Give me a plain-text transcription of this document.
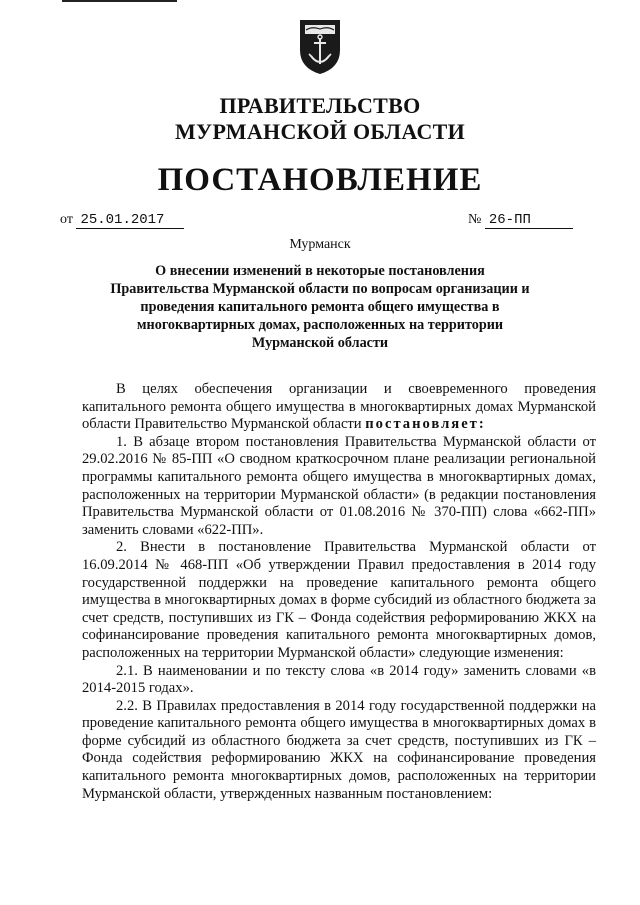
ПРАВИТЕЛЬСТВО
МУРМАНСКОЙ ОБЛАСТИ
ПОСТАНОВЛЕНИЕ
от 25.01.2017	№ 26-ПП
Мурманск
О внесении изменений в некоторые постановления
Правительства Мурманской области по вопросам организации и
проведения капитального ремонта общего имущества в
многоквартирных домах, расположенных на территории
Мурманской области

В целях обеспечения организации и своевременного проведения капитального ремонта общего имущества в многоквартирных домах Мурманской области Правительство Мурманской области постановляет:

1. В абзаце втором постановления Правительства Мурманской области от 29.02.2016 № 85-ПП «О сводном краткосрочном плане реализации региональной программы капитального ремонта общего имущества в многоквартирных домах, расположенных на территории Мурманской области» (в редакции постановления Правительства Мурманской области от 01.08.2016 № 370-ПП) слова «662-ПП» заменить словами «622-ПП».

2. Внести в постановление Правительства Мурманской области от 16.09.2014 № 468-ПП «Об утверждении Правил предоставления в 2014 году государственной поддержки на проведение капитального ремонта общего имущества в многоквартирных домах в форме субсидий из областного бюджета за счет средств, поступивших из ГК – Фонда содействия реформированию ЖКХ на софинансирование проведения капитального ремонта многоквартирных домов, расположенных на территории Мурманской области» следующие изменения:

2.1. В наименовании и по тексту слова «в 2014 году» заменить словами «в 2014-2015 годах».

2.2. В Правилах предоставления в 2014 году государственной поддержки на проведение капитального ремонта общего имущества в многоквартирных домах в форме субсидий из областного бюджета за счет средств, поступивших из ГК – Фонда содействия реформированию ЖКХ на софинансирование проведения капитального ремонта многоквартирных домов, расположенных на территории Мурманской области, утвержденных названным постановлением:
